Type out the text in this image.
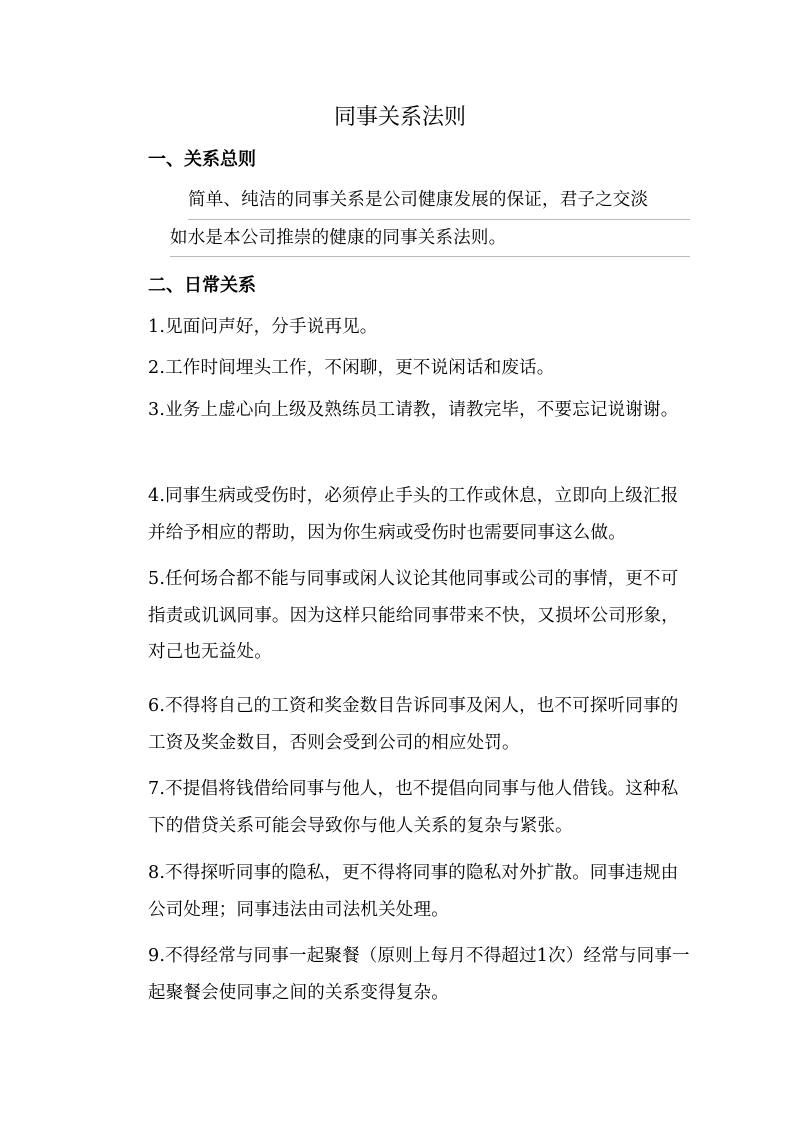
同事关系法则
一、关系总则
简单、纯洁的同事关系是公司健康发展的保证，君子之交淡
如水是本公司推崇的健康的同事关系法则。
二、日常关系

1.见面问声好，分手说再见。

2.工作时间埋头工作，不闲聊，更不说闲话和废话。

3.业务上虚心向上级及熟练员工请教，请教完毕，不要忘记说谢谢。

4.同事生病或受伤时，必须停止手头的工作或休息，立即向上级汇报并给予相应的帮助，因为你生病或受伤时也需要同事这么做。

5.任何场合都不能与同事或闲人议论其他同事或公司的事情，更不可指责或讥讽同事。因为这样只能给同事带来不快，又损坏公司形象，对己也无益处。

6.不得将自己的工资和奖金数目告诉同事及闲人，也不可探听同事的工资及奖金数目，否则会受到公司的相应处罚。

7.不提倡将钱借给同事与他人，也不提倡向同事与他人借钱。这种私下的借贷关系可能会导致你与他人关系的复杂与紧张。

8.不得探听同事的隐私，更不得将同事的隐私对外扩散。同事违规由公司处理；同事违法由司法机关处理。

9.不得经常与同事一起聚餐（原则上每月不得超过1次）经常与同事一起聚餐会使同事之间的关系变得复杂。
